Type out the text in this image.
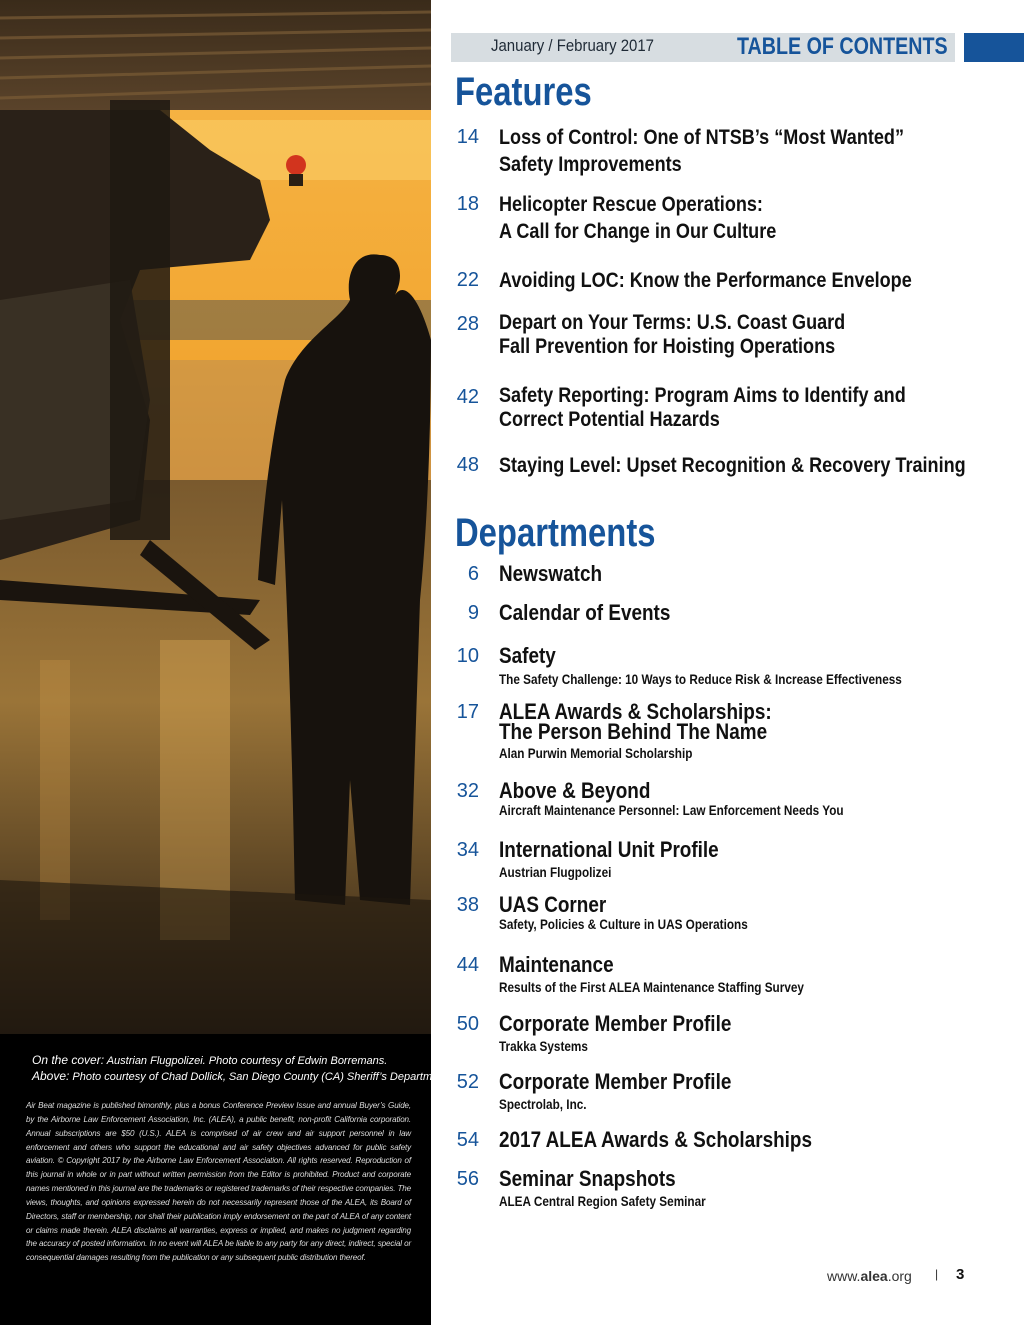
On the cover: Austrian Flugpolizei. Photo courtesy of Edwin Borremans.
Above: Photo courtesy of Chad Dollick, San Diego County (CA) Sheriff’s Department.
Air Beat magazine is published bimonthly, plus a bonus Conference Preview Issue and annual Buyer’s Guide, by the Airborne Law Enforcement Association, Inc. (ALEA), a public benefit, non-profit California corporation. Annual subscriptions are $50 (U.S.). ALEA is comprised of air crew and air support personnel in law enforcement and others who support the educational and air safety objectives advanced for public safety aviation. © Copyright 2017 by the Airborne Law Enforcement Association. All rights reserved. Reproduction of this journal in whole or in part without written permission from the Editor is prohibited. Product and corporate names mentioned in this journal are the trademarks or registered trademarks of their respective companies. The views, thoughts, and opinions expressed herein do not necessarily represent those of the ALEA, its Board of Directors, staff or membership, nor shall their publication imply endorsement on the part of ALEA of any content or claims made therein. ALEA disclaims all warranties, express or implied, and makes no judgment regarding the accuracy of posted information. In no event will ALEA be liable to any party for any direct, indirect, special or consequential damages resulting from the publication or any subsequent public distribution thereof.
January / February 2017	TABLE OF CONTENTS
Features
14 Loss of Control: One of NTSB’s “Most Wanted”
Safety Improvements
18 Helicopter Rescue Operations:
A Call for Change in Our Culture
22 Avoiding LOC: Know the Performance Envelope
28 Depart on Your Terms: U.S. Coast Guard
Fall Prevention for Hoisting Operations
42 Safety Reporting: Program Aims to Identify and
Correct Potential Hazards
48 Staying Level: Upset Recognition & Recovery Training
Departments
6 Newswatch
9 Calendar of Events
10 Safety
The Safety Challenge: 10 Ways to Reduce Risk & Increase Effectiveness
17 ALEA Awards & Scholarships:
The Person Behind The Name
Alan Purwin Memorial Scholarship
32 Above & Beyond
Aircraft Maintenance Personnel: Law Enforcement Needs You
34 International Unit Profile
Austrian Flugpolizei
38 UAS Corner
Safety, Policies & Culture in UAS Operations
44 Maintenance
Results of the First ALEA Maintenance Staffing Survey
50 Corporate Member Profile
Trakka Systems
52 Corporate Member Profile
Spectrolab, Inc.
54 2017 ALEA Awards & Scholarships
56 Seminar Snapshots
ALEA Central Region Safety Seminar
www.alea.org | 3
